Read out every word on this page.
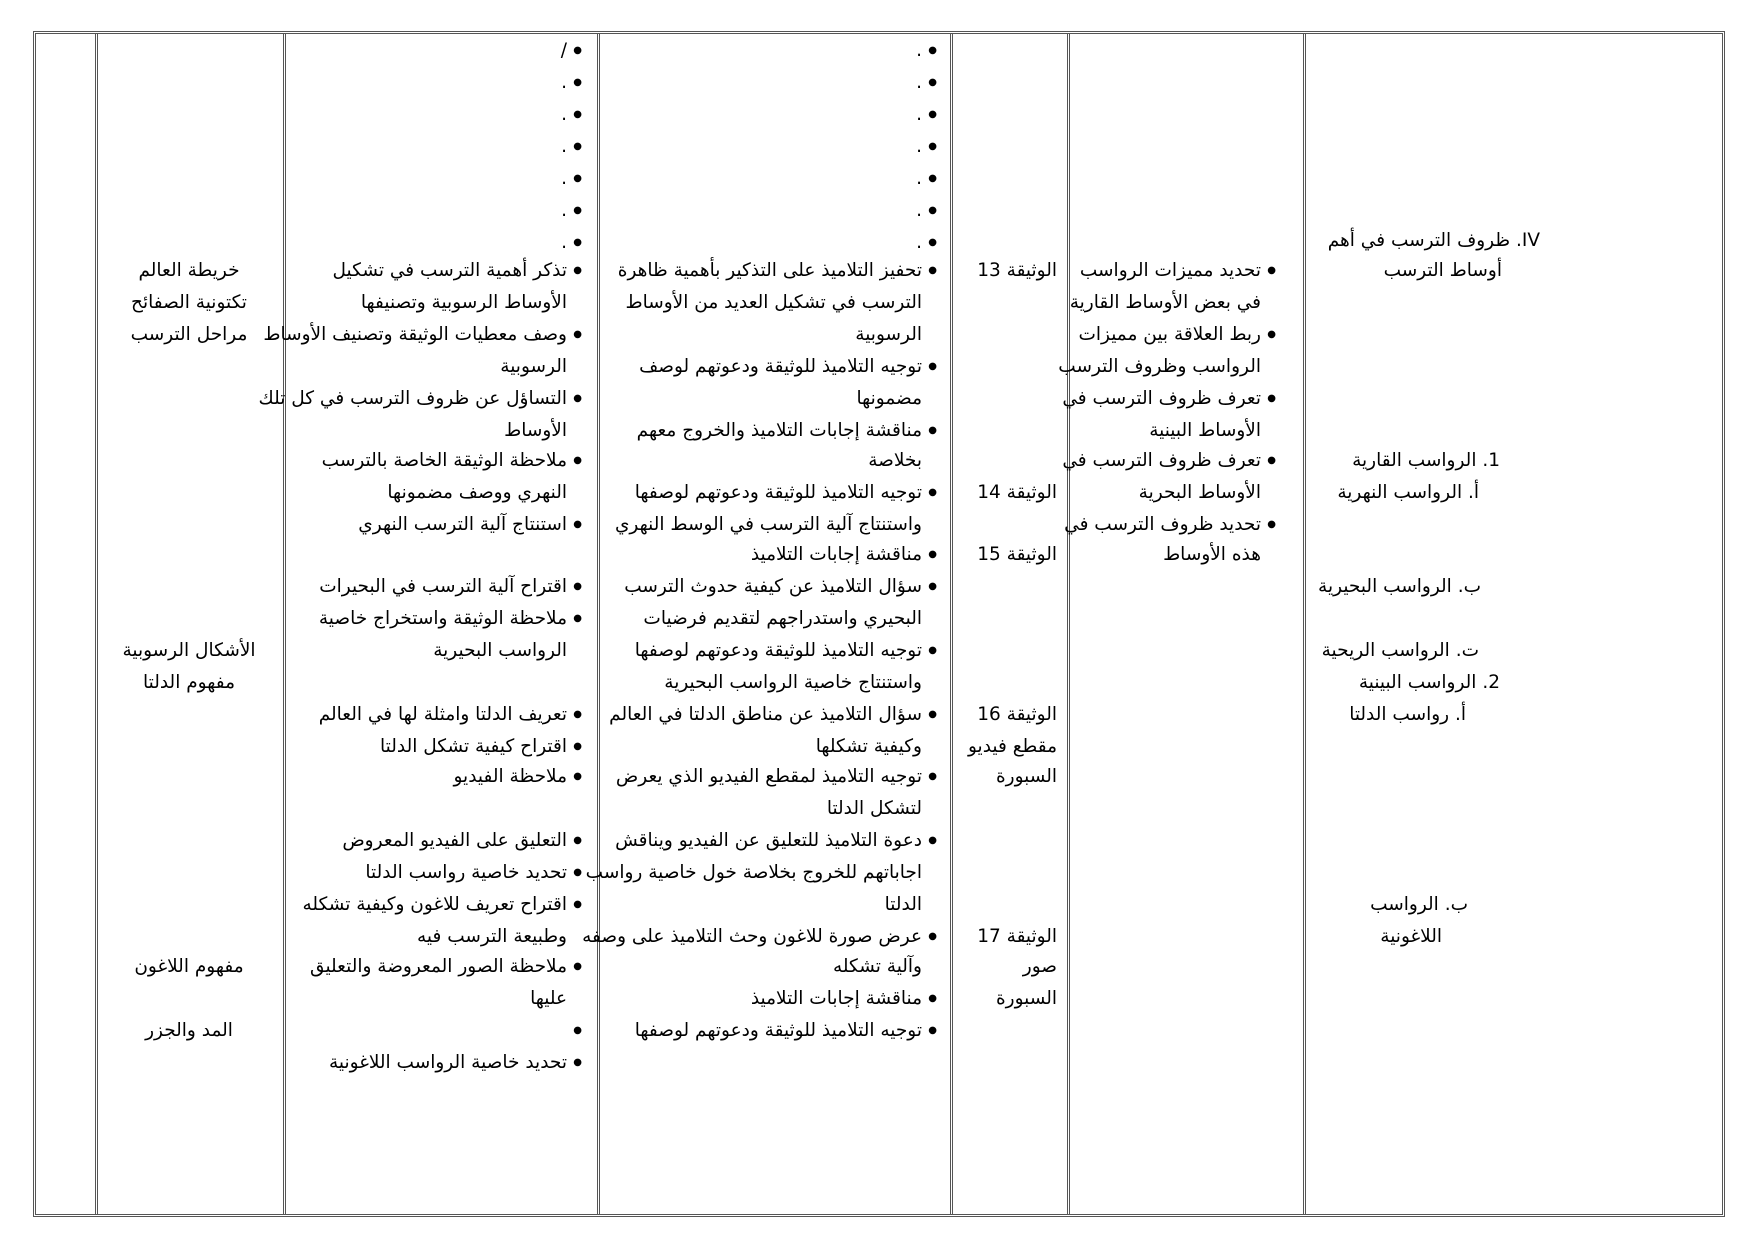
خريطة العالم
تكتونية الصفائح
مراحل الترسب
الأشكال الرسوبية
مفهوم الدلتا
مفهوم اللاغون
المد والجزر
● /
● .
● .
● .
● .
● .
● .
● تذكر أهمية الترسب في تشكيل
الأوساط الرسوبية وتصنيفها
● وصف معطيات الوثيقة وتصنيف الأوساط
الرسوبية
● التساؤل عن ظروف الترسب في كل تلك
الأوساط
● ملاحظة الوثيقة الخاصة بالترسب
النهري ووصف مضمونها
● استنتاج آلية الترسب النهري
● اقتراح آلية الترسب في البحيرات
● ملاحظة الوثيقة واستخراج خاصية
الرواسب البحيرية
● تعريف الدلتا وامثلة لها في العالم
● اقتراح كيفية تشكل الدلتا
● ملاحظة الفيديو
● التعليق على الفيديو المعروض
● تحديد خاصية رواسب الدلتا
● اقتراح تعريف للاغون وكيفية تشكله
وطبيعة الترسب فيه
● ملاحظة الصور المعروضة والتعليق
عليها
● تحديد خاصية الرواسب اللاغونية
● .
● .
● .
● .
● .
● .
● .
● تحفيز التلاميذ على التذكير بأهمية ظاهرة
الترسب في تشكيل العديد من الأوساط
الرسوبية
● توجيه التلاميذ للوثيقة ودعوتهم لوصف
مضمونها
● مناقشة إجابات التلاميذ والخروج معهم
بخلاصة
● توجيه التلاميذ للوثيقة ودعوتهم لوصفها
واستنتاج آلية الترسب في الوسط النهري
● مناقشة إجابات التلاميذ
● سؤال التلاميذ عن كيفية حدوث الترسب
البحيري واستدراجهم لتقديم فرضيات
● توجيه التلاميذ للوثيقة ودعوتهم لوصفها
واستنتاج خاصية الرواسب البحيرية
● سؤال التلاميذ عن مناطق الدلتا في العالم
وكيفية تشكلها
● توجيه التلاميذ لمقطع الفيديو الذي يعرض
لتشكل الدلتا
● دعوة التلاميذ للتعليق عن الفيديو ويناقش
اجاباتهم للخروج بخلاصة خول خاصية رواسب
الدلتا
● عرض صورة للاغون وحث التلاميذ على وصفه
وآلية تشكله
● مناقشة إجابات التلاميذ
● توجيه التلاميذ للوثيقة ودعوتهم لوصفها
الوثيقة 13
الوثيقة 14
الوثيقة 15
الوثيقة 16
مقطع فيديو
السبورة
الوثيقة 17
صور
السبورة
● تحديد مميزات الرواسب
في بعض الأوساط القارية
● ربط العلاقة بين مميزات
الرواسب وظروف الترسب
● تعرف ظروف الترسب في
الأوساط البينية
● تعرف ظروف الترسب في
الأوساط البحرية
● تحديد ظروف الترسب في
هذه الأوساط
IV. ظروف الترسب في أهم
أوساط الترسب
1. الرواسب القارية
أ. الرواسب النهرية
ب. الرواسب البحيرية
ت. الرواسب الريحية
2. الرواسب البينية
أ. رواسب الدلتا
ب. الرواسب
اللاغونية
